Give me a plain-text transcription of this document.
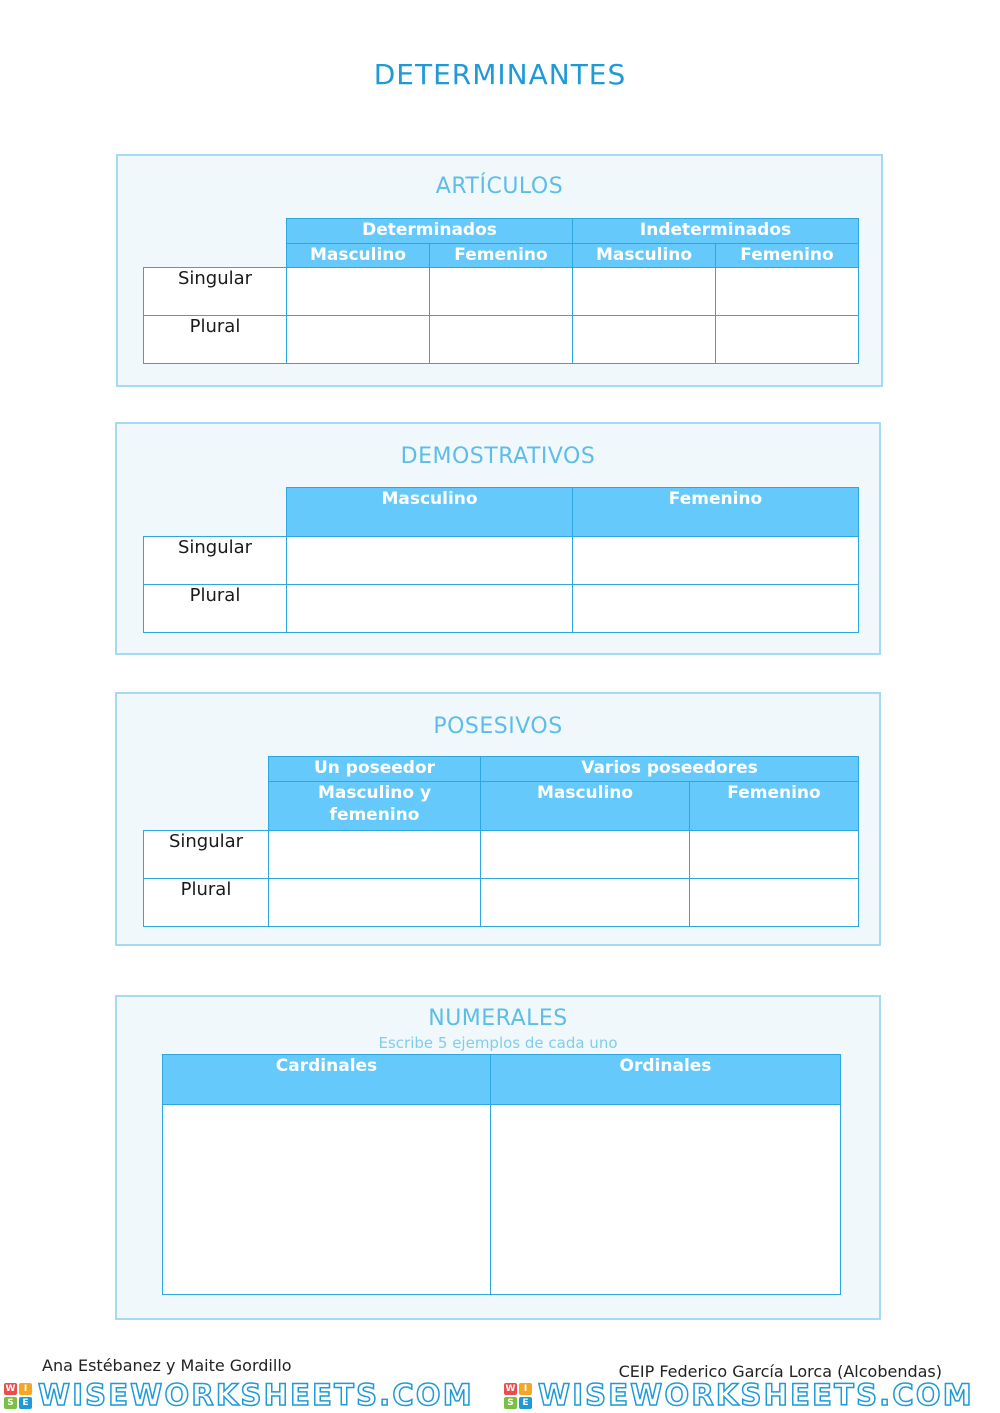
DETERMINANTES
ARTÍCULOS
	Determinados		Indeterminados	
	Masculino	Femenino	Masculino	Femenino
Singular				
Plural				
DEMOSTRATIVOS
	Masculino	Femenino
Singular		
Plural		
POSESIVOS
	Un poseedor	Varios poseedores	
	Masculino y femenino	Masculino	Femenino
Singular			
Plural			
NUMERALES
Escribe 5 ejemplos de cada uno
Cardinales	Ordinales

Ana Estébanez y Maite Gordillo	CEIP Federico García Lorca (Alcobendas)
W I
S E WISEWORKSHEETS.COM	W I
S E WISEWORKSHEETS.COM
